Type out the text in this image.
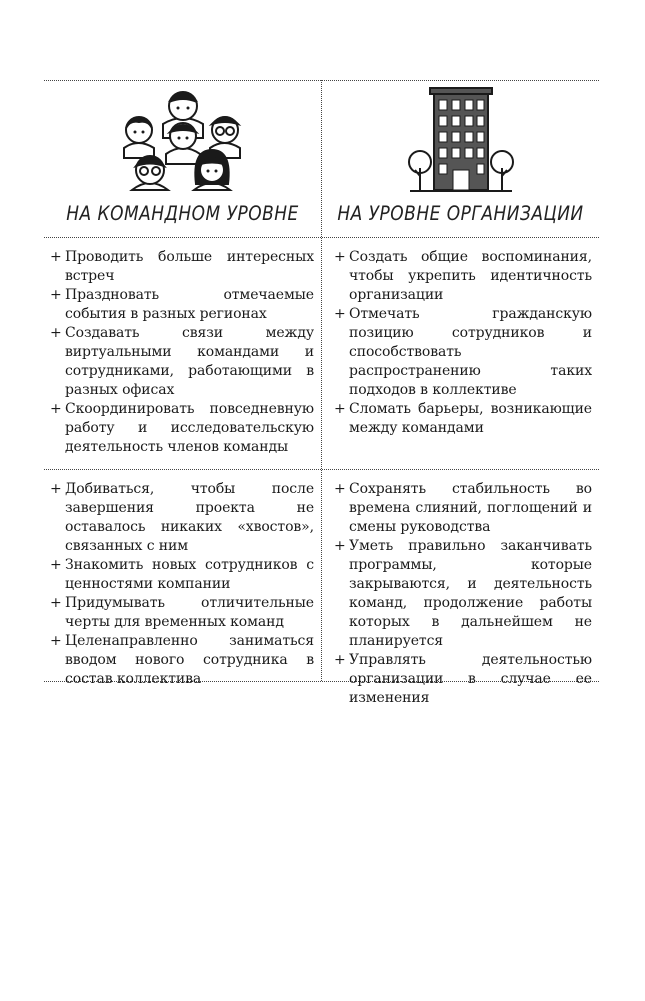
НА КОМАНДНОМ УРОВНЕ	НА УРОВНЕ ОРГАНИЗАЦИИ
+ Проводить больше интересных встреч
+ Праздновать отмечаемые события в разных регионах
+ Создавать связи между виртуальными командами и сотрудниками, работающими в разных офисах
+ Скоординировать повседневную работу и исследовательскую деятельность членов команды
+ Создать общие воспоминания, чтобы укрепить идентичность организации
+ Отмечать гражданскую позицию сотрудников и способствовать распространению таких подходов в коллективе
+ Сломать барьеры, возникающие между командами
+ Добиваться, чтобы после завершения проекта не оставалось никаких «хвостов», связанных с ним
+ Знакомить новых сотрудников с ценностями компании
+ Придумывать отличительные черты для временных команд
+ Целенаправленно заниматься вводом нового сотрудника в состав коллектива
+ Сохранять стабильность во времена слияний, поглощений и смены руководства
+ Уметь правильно заканчивать программы, которые закрываются, и деятельность команд, продолжение работы которых в дальнейшем не планируется
+ Управлять деятельностью организации в случае ее изменения
